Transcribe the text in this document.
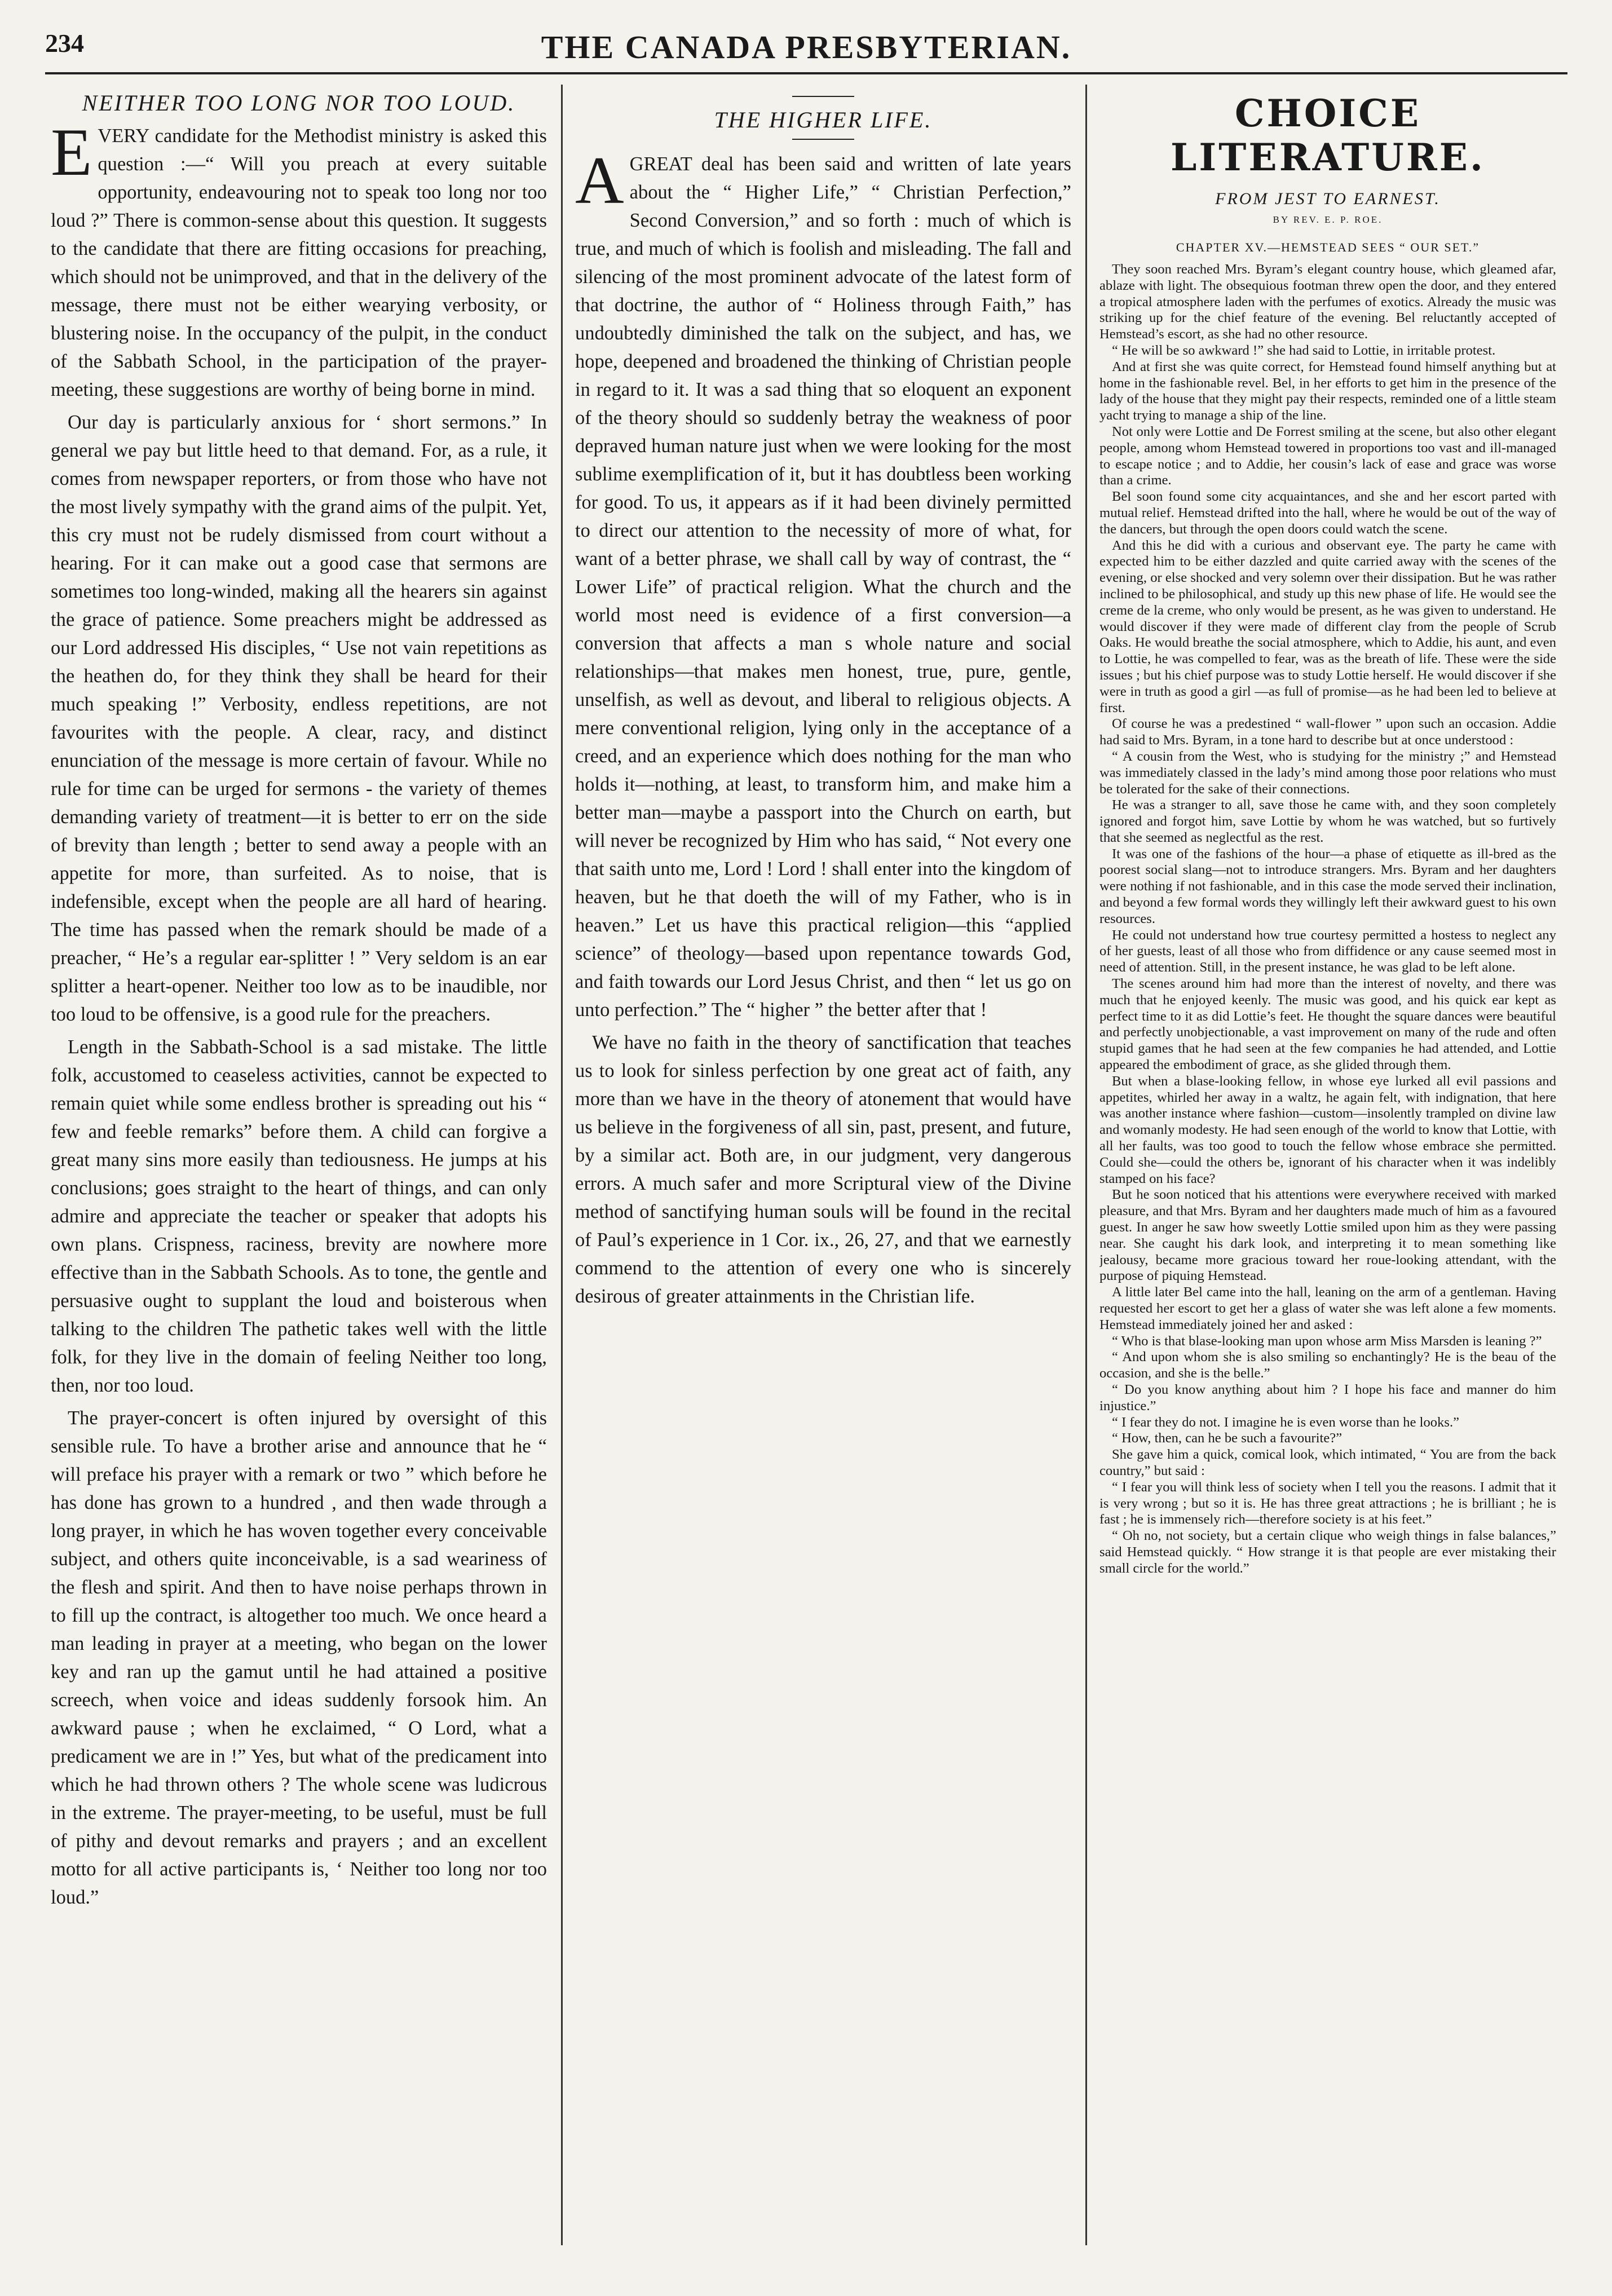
234	THE CANADA PRESBYTERIAN.
NEITHER TOO LONG NOR TOO LOUD.

EVERY candidate for the Methodist ministry is asked this question :—“ Will you preach at every suitable opportunity, endeavouring not to speak too long nor too loud ?” There is common-sense about this question. It suggests to the candidate that there are fitting occasions for preaching, which should not be unimproved, and that in the delivery of the message, there must not be either wearying verbosity, or blustering noise. In the occupancy of the pulpit, in the conduct of the Sabbath School, in the participation of the prayer-meeting, these suggestions are worthy of being borne in mind.

Our day is particularly anxious for ‘ short sermons.” In general we pay but little heed to that demand. For, as a rule, it comes from newspaper reporters, or from those who have not the most lively sympathy with the grand aims of the pulpit. Yet, this cry must not be rudely dismissed from court without a hearing. For it can make out a good case that sermons are sometimes too long-winded, making all the hearers sin against the grace of patience. Some preachers might be addressed as our Lord addressed His disciples, “ Use not vain repetitions as the heathen do, for they think they shall be heard for their much speaking !” Verbosity, endless repetitions, are not favourites with the people. A clear, racy, and distinct enunciation of the message is more certain of favour. While no rule for time can be urged for sermons - the variety of themes demanding variety of treatment—it is better to err on the side of brevity than length ; better to send away a people with an appetite for more, than surfeited. As to noise, that is indefensible, except when the people are all hard of hearing. The time has passed when the remark should be made of a preacher, “ He’s a regular ear-splitter ! ” Very seldom is an ear splitter a heart-opener. Neither too low as to be inaudible, nor too loud to be offensive, is a good rule for the preachers.

Length in the Sabbath-School is a sad mistake. The little folk, accustomed to ceaseless activities, cannot be expected to remain quiet while some endless brother is spreading out his “ few and feeble remarks” before them. A child can forgive a great many sins more easily than tediousness. He jumps at his conclusions; goes straight to the heart of things, and can only admire and appreciate the teacher or speaker that adopts his own plans. Crispness, raciness, brevity are nowhere more effective than in the Sabbath Schools. As to tone, the gentle and persuasive ought to supplant the loud and boisterous when talking to the children The pathetic takes well with the little folk, for they live in the domain of feeling Neither too long, then, nor too loud.

The prayer-concert is often injured by oversight of this sensible rule. To have a brother arise and announce that he “ will preface his prayer with a remark or two ” which before he has done has grown to a hundred , and then wade through a long prayer, in which he has woven together every conceivable subject, and others quite inconceivable, is a sad weariness of the flesh and spirit. And then to have noise perhaps thrown in to fill up the contract, is altogether too much. We once heard a man leading in prayer at a meeting, who began on the lower key and ran up the gamut until he had attained a positive screech, when voice and ideas suddenly forsook him. An awkward pause ; when he exclaimed, “ O Lord, what a predicament we are in !” Yes, but what of the predicament into which he had thrown others ? The whole scene was ludicrous in the extreme. The prayer-meeting, to be useful, must be full of pithy and devout remarks and prayers ; and an excellent motto for all active participants is, ‘ Neither too long nor too loud.”

THE HIGHER LIFE.

AGREAT deal has been said and written of late years about the “ Higher Life,” “ Christian Perfection,” Second Conversion,” and so forth : much of which is true, and much of which is foolish and misleading. The fall and silencing of the most prominent advocate of the latest form of that doctrine, the author of “ Holiness through Faith,” has undoubtedly diminished the talk on the subject, and has, we hope, deepened and broadened the thinking of Christian people in regard to it. It was a sad thing that so eloquent an exponent of the theory should so suddenly betray the weakness of poor depraved human nature just when we were looking for the most sublime exemplification of it, but it has doubtless been working for good. To us, it appears as if it had been divinely permitted to direct our attention to the necessity of more of what, for want of a better phrase, we shall call by way of contrast, the “ Lower Life” of practical religion. What the church and the world most need is evidence of a first conversion—a conversion that affects a man s whole nature and social relationships—that makes men honest, true, pure, gentle, unselfish, as well as devout, and liberal to religious objects. A mere conventional religion, lying only in the acceptance of a creed, and an experience which does nothing for the man who holds it—nothing, at least, to transform him, and make him a better man—maybe a passport into the Church on earth, but will never be recognized by Him who has said, “ Not every one that saith unto me, Lord ! Lord ! shall enter into the kingdom of heaven, but he that doeth the will of my Father, who is in heaven.” Let us have this practical religion—this “applied science” of theology—based upon repentance towards God, and faith towards our Lord Jesus Christ, and then “ let us go on unto perfection.” The “ higher ” the better after that !

We have no faith in the theory of sanctification that teaches us to look for sinless perfection by one great act of faith, any more than we have in the theory of atonement that would have us believe in the forgiveness of all sin, past, present, and future, by a similar act. Both are, in our judgment, very dangerous errors. A much safer and more Scriptural view of the Divine method of sanctifying human souls will be found in the recital of Paul’s experience in 1 Cor. ix., 26, 27, and that we earnestly commend to the attention of every one who is sincerely desirous of greater attainments in the Christian life.

CHOICE LITERATURE.
FROM JEST TO EARNEST.
BY REV. E. P. ROE.
CHAPTER XV.—HEMSTEAD SEES “ OUR SET.”

They soon reached Mrs. Byram’s elegant country house, which gleamed afar, ablaze with light. The obsequious footman threw open the door, and they entered a tropical atmosphere laden with the perfumes of exotics. Already the music was striking up for the chief feature of the evening. Bel reluctantly accepted of Hemstead’s escort, as she had no other resource.

“ He will be so awkward !” she had said to Lottie, in irritable protest.

And at first she was quite correct, for Hemstead found himself anything but at home in the fashionable revel. Bel, in her efforts to get him in the presence of the lady of the house that they might pay their respects, reminded one of a little steam yacht trying to manage a ship of the line.

Not only were Lottie and De Forrest smiling at the scene, but also other elegant people, among whom Hemstead towered in proportions too vast and ill-managed to escape notice ; and to Addie, her cousin’s lack of ease and grace was worse than a crime.

Bel soon found some city acquaintances, and she and her escort parted with mutual relief. Hemstead drifted into the hall, where he would be out of the way of the dancers, but through the open doors could watch the scene.

And this he did with a curious and observant eye. The party he came with expected him to be either dazzled and quite carried away with the scenes of the evening, or else shocked and very solemn over their dissipation. But he was rather inclined to be philosophical, and study up this new phase of life. He would see the creme de la creme, who only would be present, as he was given to understand. He would discover if they were made of different clay from the people of Scrub Oaks. He would breathe the social atmosphere, which to Addie, his aunt, and even to Lottie, he was compelled to fear, was as the breath of life. These were the side issues ; but his chief purpose was to study Lottie herself. He would discover if she were in truth as good a girl —as full of promise—as he had been led to believe at first.

Of course he was a predestined “ wall-flower ” upon such an occasion. Addie had said to Mrs. Byram, in a tone hard to describe but at once understood :

“ A cousin from the West, who is studying for the ministry ;” and Hemstead was immediately classed in the lady’s mind among those poor relations who must be tolerated for the sake of their connections.

He was a stranger to all, save those he came with, and they soon completely ignored and forgot him, save Lottie by whom he was watched, but so furtively that she seemed as neglectful as the rest.

It was one of the fashions of the hour—a phase of etiquette as ill-bred as the poorest social slang—not to introduce strangers. Mrs. Byram and her daughters were nothing if not fashionable, and in this case the mode served their inclination, and beyond a few formal words they willingly left their awkward guest to his own resources.

He could not understand how true courtesy permitted a hostess to neglect any of her guests, least of all those who from diffidence or any cause seemed most in need of attention. Still, in the present instance, he was glad to be left alone.

The scenes around him had more than the interest of novelty, and there was much that he enjoyed keenly. The music was good, and his quick ear kept as perfect time to it as did Lottie’s feet. He thought the square dances were beautiful and perfectly unobjectionable, a vast improvement on many of the rude and often stupid games that he had seen at the few companies he had attended, and Lottie appeared the embodiment of grace, as she glided through them.

But when a blase-looking fellow, in whose eye lurked all evil passions and appetites, whirled her away in a waltz, he again felt, with indignation, that here was another instance where fashion—custom—insolently trampled on divine law and womanly modesty. He had seen enough of the world to know that Lottie, with all her faults, was too good to touch the fellow whose embrace she permitted. Could she—could the others be, ignorant of his character when it was indelibly stamped on his face?

But he soon noticed that his attentions were everywhere received with marked pleasure, and that Mrs. Byram and her daughters made much of him as a favoured guest. In anger he saw how sweetly Lottie smiled upon him as they were passing near. She caught his dark look, and interpreting it to mean something like jealousy, became more gracious toward her roue-looking attendant, with the purpose of piquing Hemstead.

A little later Bel came into the hall, leaning on the arm of a gentleman. Having requested her escort to get her a glass of water she was left alone a few moments. Hemstead immediately joined her and asked :

“ Who is that blase-looking man upon whose arm Miss Marsden is leaning ?”

“ And upon whom she is also smiling so enchantingly? He is the beau of the occasion, and she is the belle.”

“ Do you know anything about him ? I hope his face and manner do him injustice.”

“ I fear they do not. I imagine he is even worse than he looks.”

“ How, then, can he be such a favourite?”

She gave him a quick, comical look, which intimated, “ You are from the back country,” but said :

“ I fear you will think less of society when I tell you the reasons. I admit that it is very wrong ; but so it is. He has three great attractions ; he is brilliant ; he is fast ; he is immensely rich—therefore society is at his feet.”

“ Oh no, not society, but a certain clique who weigh things in false balances,” said Hemstead quickly. “ How strange it is that people are ever mistaking their small circle for the world.”
